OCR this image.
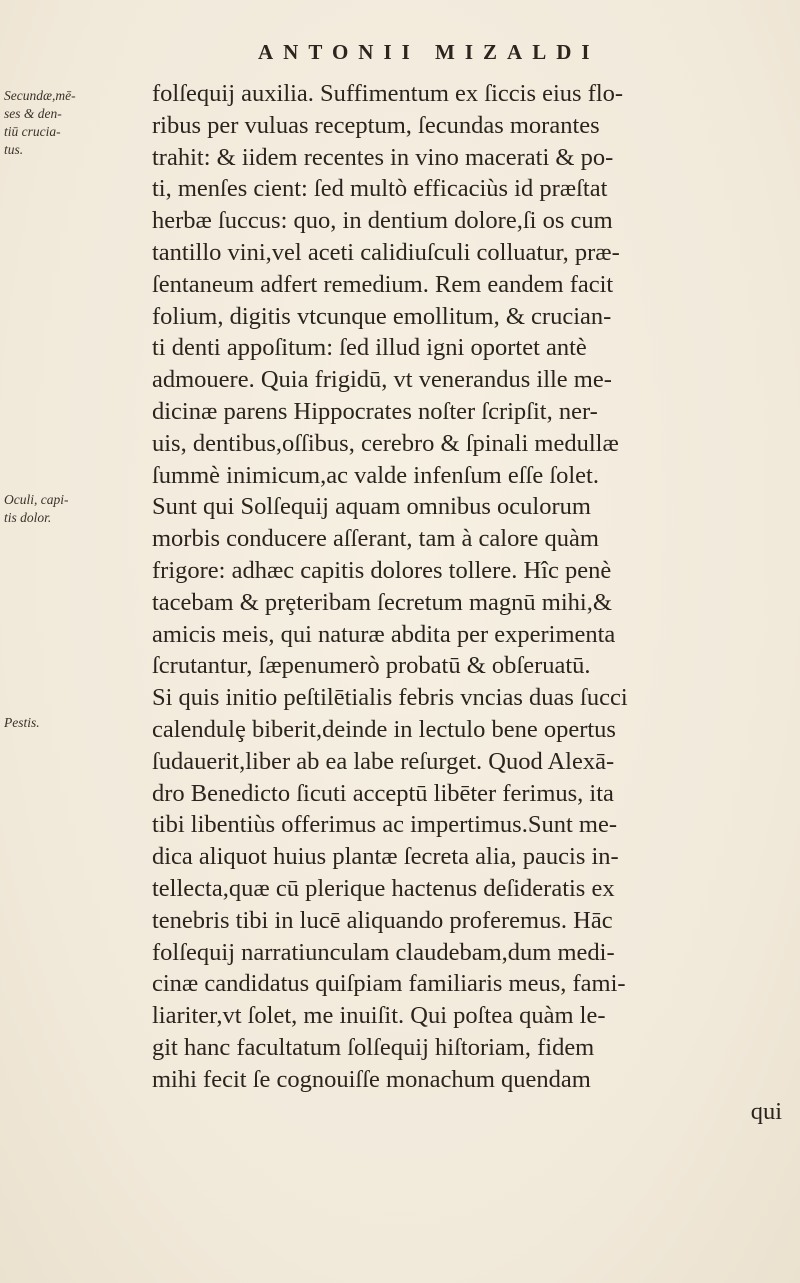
ANTONII MIZALDI
Secundæ,mē-
ses & den-
tiū crucia-
tus.
Oculi, capi-
tis dolor.
Pestis.
folſequij auxilia. Suffimentum ex ſiccis eius flo-
ribus per vuluas receptum, ſecundas morantes
trahit: & iidem recentes in vino macerati & po-
ti, menſes cient: ſed multò efficaciùs id præſtat
herbæ ſuccus: quo, in dentium dolore,ſi os cum
tantillo vini,vel aceti calidiuſculi colluatur, præ-
ſentaneum adfert remedium. Rem eandem facit
folium, digitis vtcunque emollitum, & crucian-
ti denti appoſitum: ſed illud igni oportet antè
admouere. Quia frigidū, vt venerandus ille me-
dicinæ parens Hippocrates noſter ſcripſit, ner-
uis, dentibus,oſſibus, cerebro & ſpinali medullæ
ſummè inimicum,ac valde infenſum eſſe ſolet.
Sunt qui Solſequij aquam omnibus oculorum
morbis conducere aſſerant, tam à calore quàm
frigore: adhæc capitis dolores tollere. Hîc penè
tacebam & prȩteribam ſecretum magnū mihi,&
amicis meis, qui naturæ abdita per experimenta
ſcrutantur, ſæpenumerò probatū & obſeruatū.
Si quis initio peſtilētialis febris vncias duas ſucci
calendulȩ biberit,deinde in lectulo bene opertus
ſudauerit,liber ab ea labe reſurget. Quod Alexā-
dro Benedicto ſicuti acceptū libēter ferimus, ita
tibi libentiùs offerimus ac impertimus.Sunt me-
dica aliquot huius plantæ ſecreta alia, paucis in-
tellecta,quæ cū plerique hactenus deſideratis ex
tenebris tibi in lucē aliquando proferemus. Hāc
folſequij narratiunculam claudebam,dum medi-
cinæ candidatus quiſpiam familiaris meus, fami-
liariter,vt ſolet, me inuiſit. Qui poſtea quàm le-
git hanc facultatum ſolſequij hiſtoriam, fidem
mihi fecit ſe cognouiſſe monachum quendam
qui
